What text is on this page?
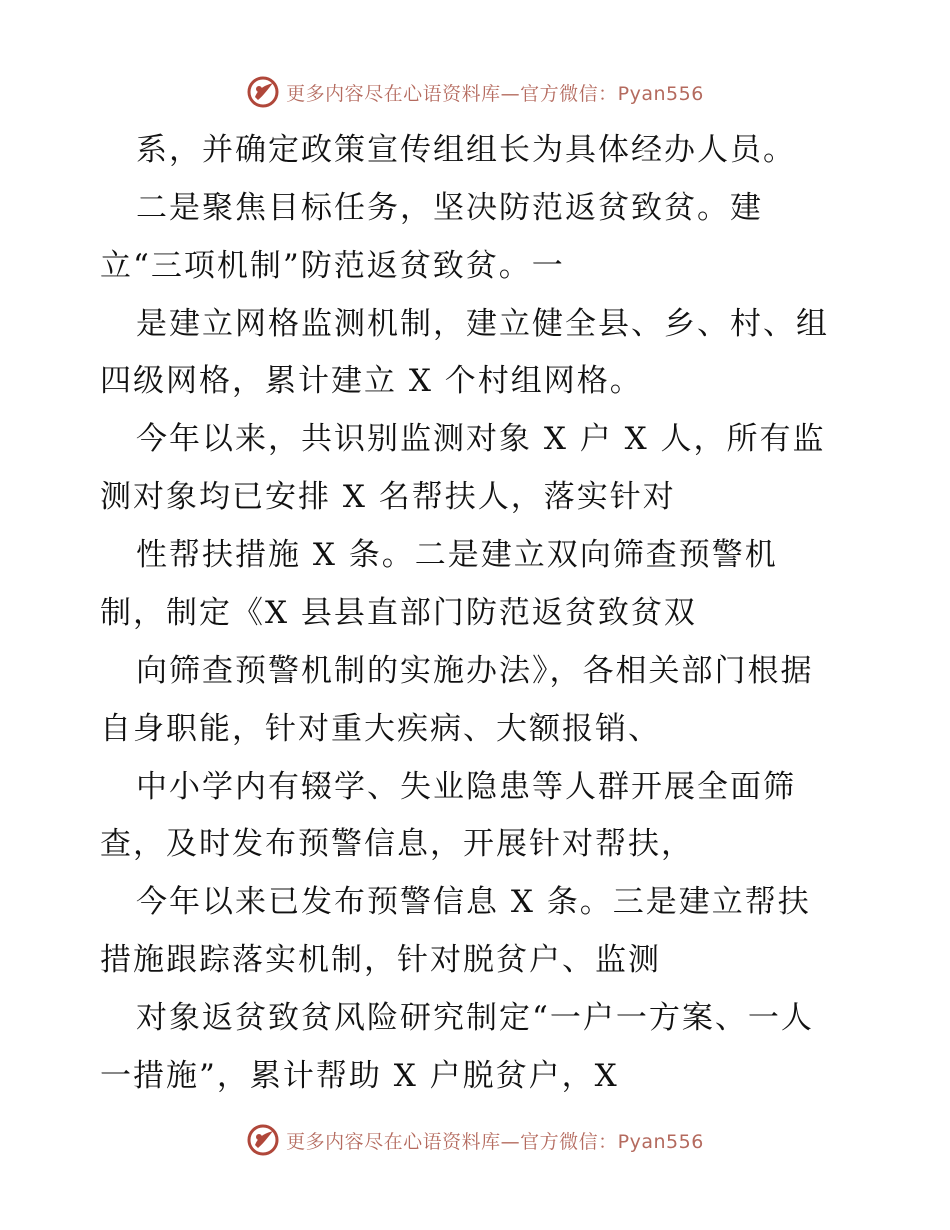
更多内容尽在心语资料库—官方微信：Pyan556
系，并确定政策宣传组组长为具体经办人员。
二是聚焦目标任务，坚决防范返贫致贫。建
立“三项机制”防范返贫致贫。一
是建立网格监测机制，建立健全县、乡、村、组
四级网格，累计建立 X 个村组网格。
今年以来，共识别监测对象 X 户 X 人，所有监
测对象均已安排 X 名帮扶人，落实针对
性帮扶措施 X 条。二是建立双向筛查预警机
制，制定《X 县县直部门防范返贫致贫双
向筛查预警机制的实施办法》，各相关部门根据
自身职能，针对重大疾病、大额报销、
中小学内有辍学、失业隐患等人群开展全面筛
查，及时发布预警信息，开展针对帮扶，
今年以来已发布预警信息 X 条。三是建立帮扶
措施跟踪落实机制，针对脱贫户、监测
对象返贫致贫风险研究制定“一户一方案、一人
一措施”，累计帮助 X 户脱贫户，X
更多内容尽在心语资料库—官方微信：Pyan556
